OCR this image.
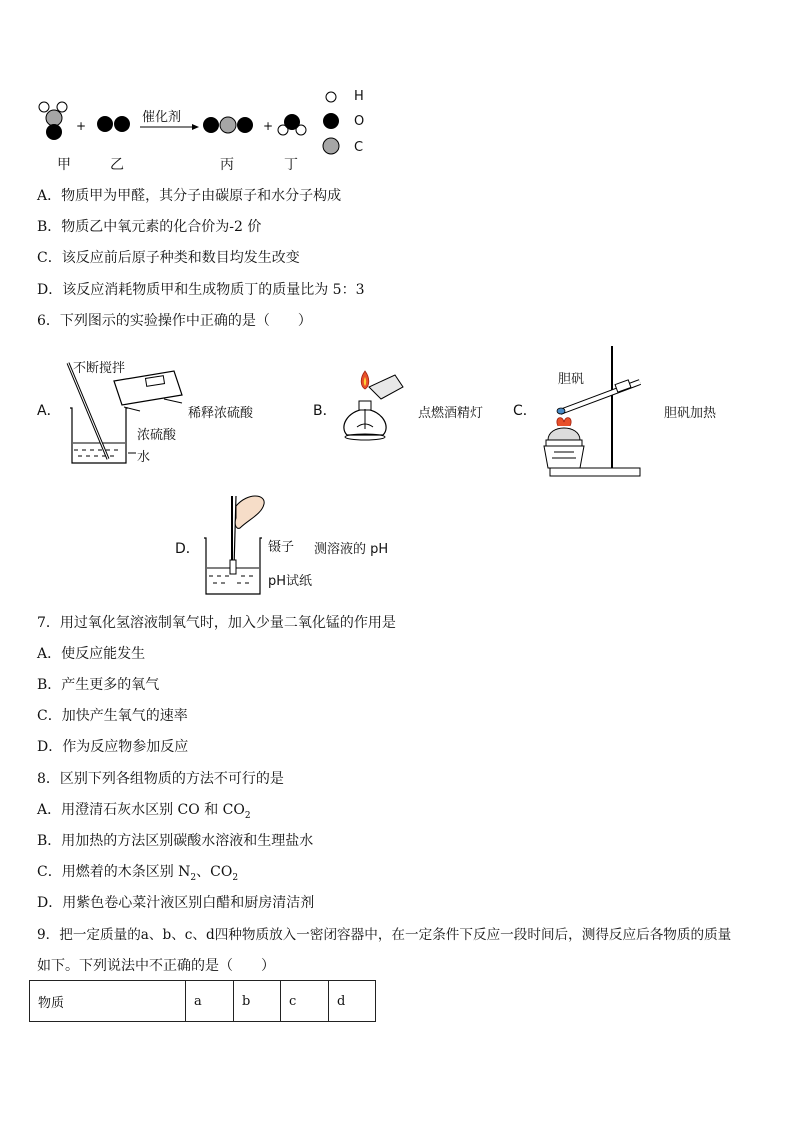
+	+
催化剂
甲	乙	丙	丁
H
O
C
A．物质甲为甲醛，其分子由碳原子和水分子构成
B．物质乙中氧元素的化合价为-2 价
C．该反应前后原子种类和数目均发生改变
D．该反应消耗物质甲和生成物质丁的质量比为 5：3
6．下列图示的实验操作中正确的是（　　）
A．
不断搅拌
稀释浓硫酸
浓硫酸
水
B．	点燃酒精灯 C．
胆矾
胆矾加热
D．	镊子 测溶液的 pH
pH试纸
7．用过氧化氢溶液制氧气时，加入少量二氧化锰的作用是
A．使反应能发生
B．产生更多的氧气
C．加快产生氧气的速率
D．作为反应物参加反应
8．区别下列各组物质的方法不可行的是
A．用澄清石灰水区别 CO 和 $CO_2$
B．用加热的方法区别碳酸水溶液和生理盐水
C．用燃着的木条区别 $N_2$、$CO_2$
D．用紫色卷心菜汁液区别白醋和厨房清洁剂
9．把一定质量的a、b、c、d四种物质放入一密闭容器中，在一定条件下反应一段时间后，测得反应后各物质的质量
如下。下列说法中不正确的是（　　）
物质	a	b	c	d
